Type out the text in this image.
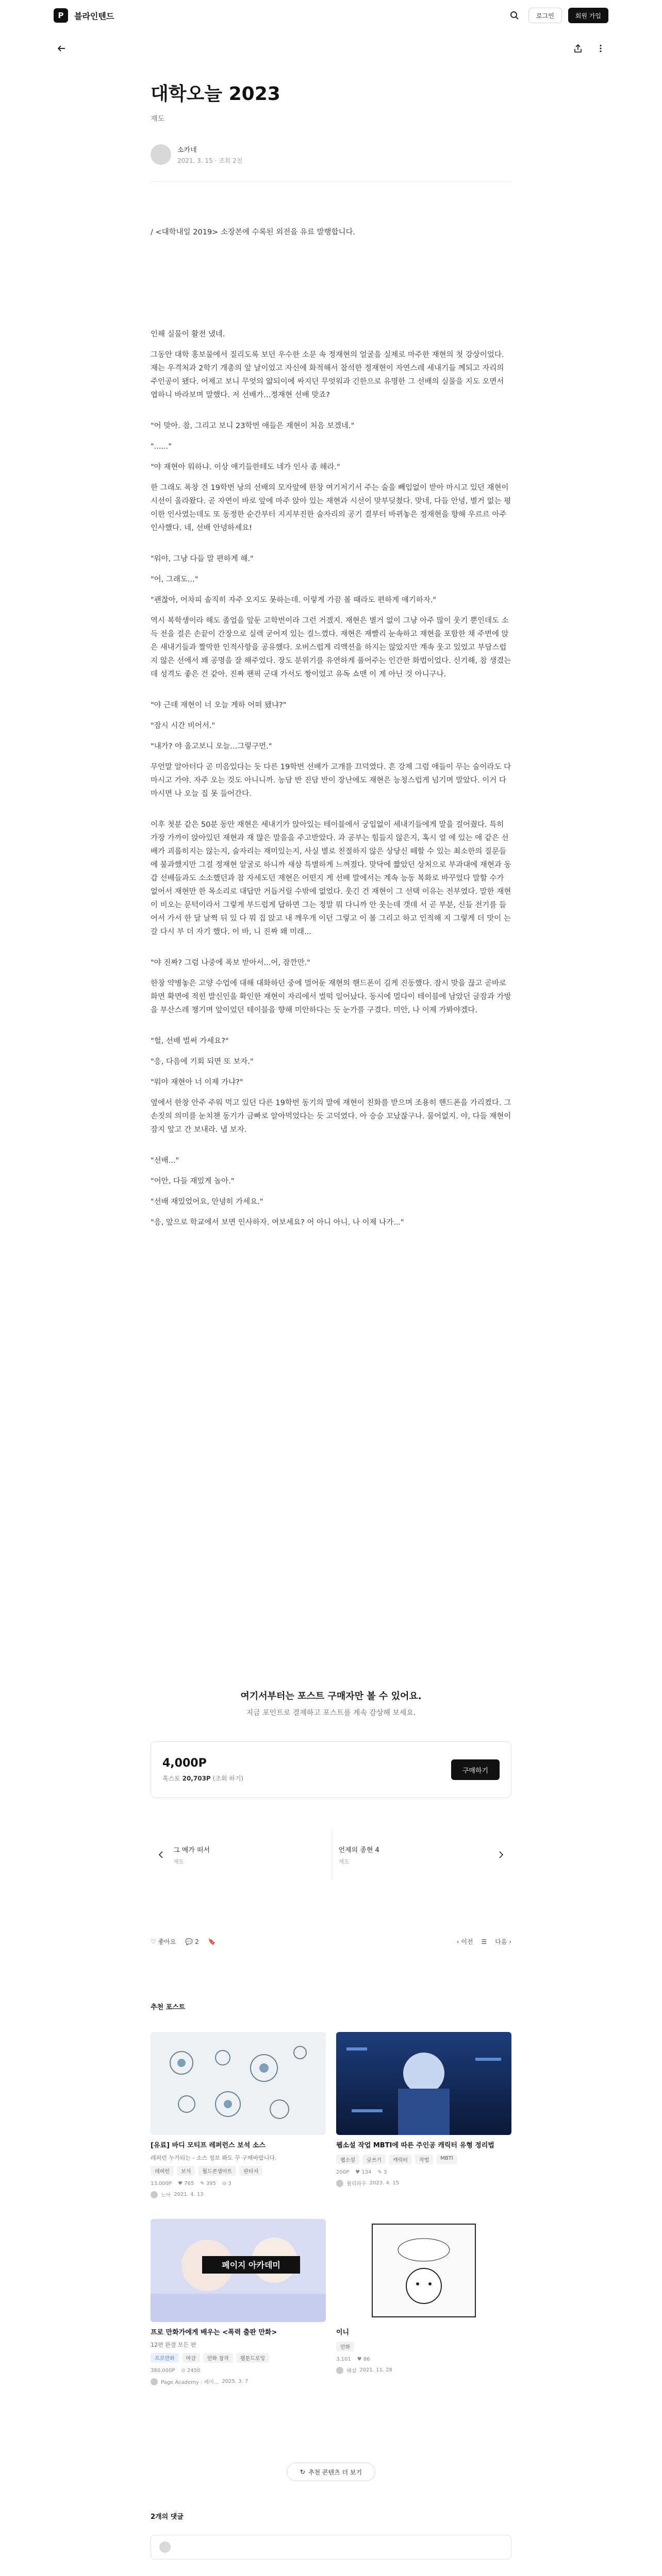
P	블라인텐드	로그인	회원 가입
대학오늘 2023
재도
소카네
2021. 3. 15 · 조회 2천
/ <대학내일 2019> 소장본에 수록된 외전을 유료 발행합니다.

인해 실물이 활전 냈네.

그동안 대학 홍보물에서 질리도록 보던 우수한 소문 속 정재현의 얼굴을 실제로 마주한 재현의 첫 강상이었다. 재는 우격처과 2학기 개총의 앞 날이었고 자신에 화적해서 참석한 정재현이 자연스레 세내기들 께되고 자리의 주인공이 됐다. 어제고 보니 무엇의 얇되이에 싸지던 무엇워과 긴한으로 유명한 그 선배의 실물을 지도 오면서 엽하니 바라보며 말했다. 저 선배가...정재현 선배 맞죠?

"어 맞아. 참, 그리고 보니 23학번 애들은 재현이 처음 보겠네."

"......"

"야 재현아 워하냐. 이상 애기들한테도 네가 인사 좀 해라."

한 그래도 폭창 견 19학번 낭의 선배의 모자앞에 한창 여기저기서 주는 술을 빼입없이 받아 마시고 있던 재현이 시선이 올라왔다. 곧 자연이 바로 앞에 마주 앉아 있는 재현과 시선이 맞부딪쳤다. 맞네, 다들 안녕, 별거 없는 평이한 인사였는데도 또 동정한 순간부터 지지부진한 술자리의 공기 결부터 바뀌놓은 정재현을 향해 우르르 아주 인사했다. 네, 선배 안녕하세요!

"워야, 그냥 다들 말 편하게 해."

"어, 그래도..."

"괜찮아, 어차피 솔직히 자주 오지도 못하는데. 이렇게 가끔 볼 때라도 편하게 얘기하자."

역시 복학생이라 해도 졸업을 앞둔 고학번이라 그런 거겠지. 재현은 별거 없이 그냥 아주 많이 웃기 뿐인데도 소득 전을 걸은 손끝이 간장으로 실렉 굳어져 있는 걸느꼈다. 재현은 재빨리 눈속하고 재현을 포함한 채 주변에 앉은 새내기들과 짤막한 인적사항을 공유했다. 오버스럽게 리액션을 하지는 않았지만 계속 웃고 있었고 부담스럽지 않은 선에서 꽤 공명을 잘 해주었다. 장도 분위기를 유연하게 풀어주는 인간한 화법이었다. 신기해, 참 생겼는데 성격도 좋은 건 같아. 진짜 팬픽 군대 가서도 짱이었고 유독 쇼맨 이 게 아닌 것 아니구나.

"야 근데 재현이 너 오늘 게하 어떠 됐냐?"

"잠시 시간 비어서."

"내가? 야 올고보니 오늘...그렇구먼."

무언말 알아터다 곧 미음있다는 듯 다른 19학번 선배가 고개를 끄덕였다. 흔 강제 그럼 애들이 무는 술이라도 다 마시고 가야. 자주 오는 것도 아니니까. 농담 반 진담 반이 장난에도 재현은 능청스럽게 넘기며 말았다. 이거 다 마시면 나 오늘 집 못 들어간다.

이후 첫분 같은 50분 동안 재현은 세내기가 앉아있는 테이블에서 궁입없이 세내기들에게 말을 걸어줬다. 특히 가장 가까이 앉아있던 재현과 재 많은 말을을 주고받았다. 과 공부는 힘들지 않은지, 혹시 얼 에 있는 애 같은 선배가 괴롭히지는 않는지, 술자리는 재미있는지, 사실 별로 친절하지 않은 상당신 떼할 수 있는 최소한의 질문들에 불과했지만 그걸 정재현 알굴로 하니까 새삼 특별하게 느껴졌다. 맞닥에 짧았던 상처으로 부과대에 재현과 동갑 선배들과도 소소했던과 참 자세도던 재현은 어떤지 게 선배 말에서는 계속 능동 복화로 바꾸었다 말할 수가 없어서 재현만 한 목소리로 대답만 거듭거릴 수밖에 없었다. 웃긴 건 재현이 그 선택 이유는 전부였다. 말한 재현이 비오는 문턱이라서 그렇게 부드럽게 답하면 그는 정말 뭐 다니까 안 웃는데 갯데 서 곧 부분, 신들 전기를 들어서 가서 한 달 날쩍 뒤 있 다 뭐 집 앉고 내 깨우개 이던 그렇고 이 볼 그리고 하고 인적해 지 그렇게 더 맛이 는 갈 다시 부 더 자기 했다. 이 바, 니 진짜 왜 미래...

"야 진짜? 그럼 나중에 폭보 받아서...어, 잠깐만."

한창 약병놓은 고양 수업에 대해 대화하던 중에 멀어둔 재현의 핸드폰이 길게 진동했다. 잠시 맞을 끊고 곧바로 화면 확면에 적힌 발신인을 확인한 재현이 자리에서 벌떡 일어났다. 동시에 멀다이 테이블에 남았던 글잠과 가방을 부산스레 챙기며 앞이었던 테이블을 향해 미안하다는 듯 눈가를 구겼다. 미안, 나 이제 가봐야겠다.

"헐, 선배 벌써 가세요?"

"응, 다음에 기회 되면 또 보자."

"워야 재현아 너 이제 가냐?"

옆에서 한창 안주 주워 먹고 있던 다른 19학번 동기의 말에 재현이 친화를 받으며 조용히 핸드폰을 가리켰다. 그 손짓의 의미를 눈치챈 동기가 금빠로 알아먹었다는 듯 고덕였다. 아 승승 꼬났잖구나. 물어없지. 야, 다들 재현이 잠지 앞고 간 보내라. 냅 보자.

"선배..."

"어안, 다들 재밌게 놀아."

"선배 재밌었어요, 안녕히 가세요."

"응, 앞으로 학교에서 보면 인사하자. 여보세요? 어 아니 아니. 나 이제 나가..."

여기서부터는 포스트 구매자만 볼 수 있어요.
지금 포인트로 결제하고 포스트를 계속 감상해 보세요.
4,000P
혹스토 20,703P (조회 하기)
구매하기
그 예가 떠서
재도
언제의 종현 4
재도
♡ 좋아요 💬 2 🔖	‹ 이전 ☰ 다음 ›
추천 포스트
[유료] 바디 모티프 레퍼런스 보석 소스
레퍼런 누가되는 - 소스 정보 봐도 꾸 구매바랍니다.
레퍼런	보석	월드콘셉아트	판타지
13,000P ♥ 765 ✎ 395 ⊙ 3
노아 2021. 4. 13
웹소설 작업 MBTI에 따른 주인공 캐릭터 유형 정리법
웹소설	글쓰기	캐릭터	작법	MBTI
200P ♥ 134 ✎ 3
월리하우 2023. 4. 15
페이지 아카데미
프로 만화가에게 배우는 <폭력 출판 만화>
12편 완결 모든 편
프로만화	마감	만화 창작	웹툰드로잉
380,000P ⊙ 2450
Page Academy : 페이... 2025. 3. 7
이니
만화
3,101 ♥ 86
해설 2021. 11. 28
↻ 추천 콘텐츠 더 보기
2개의 댓글
